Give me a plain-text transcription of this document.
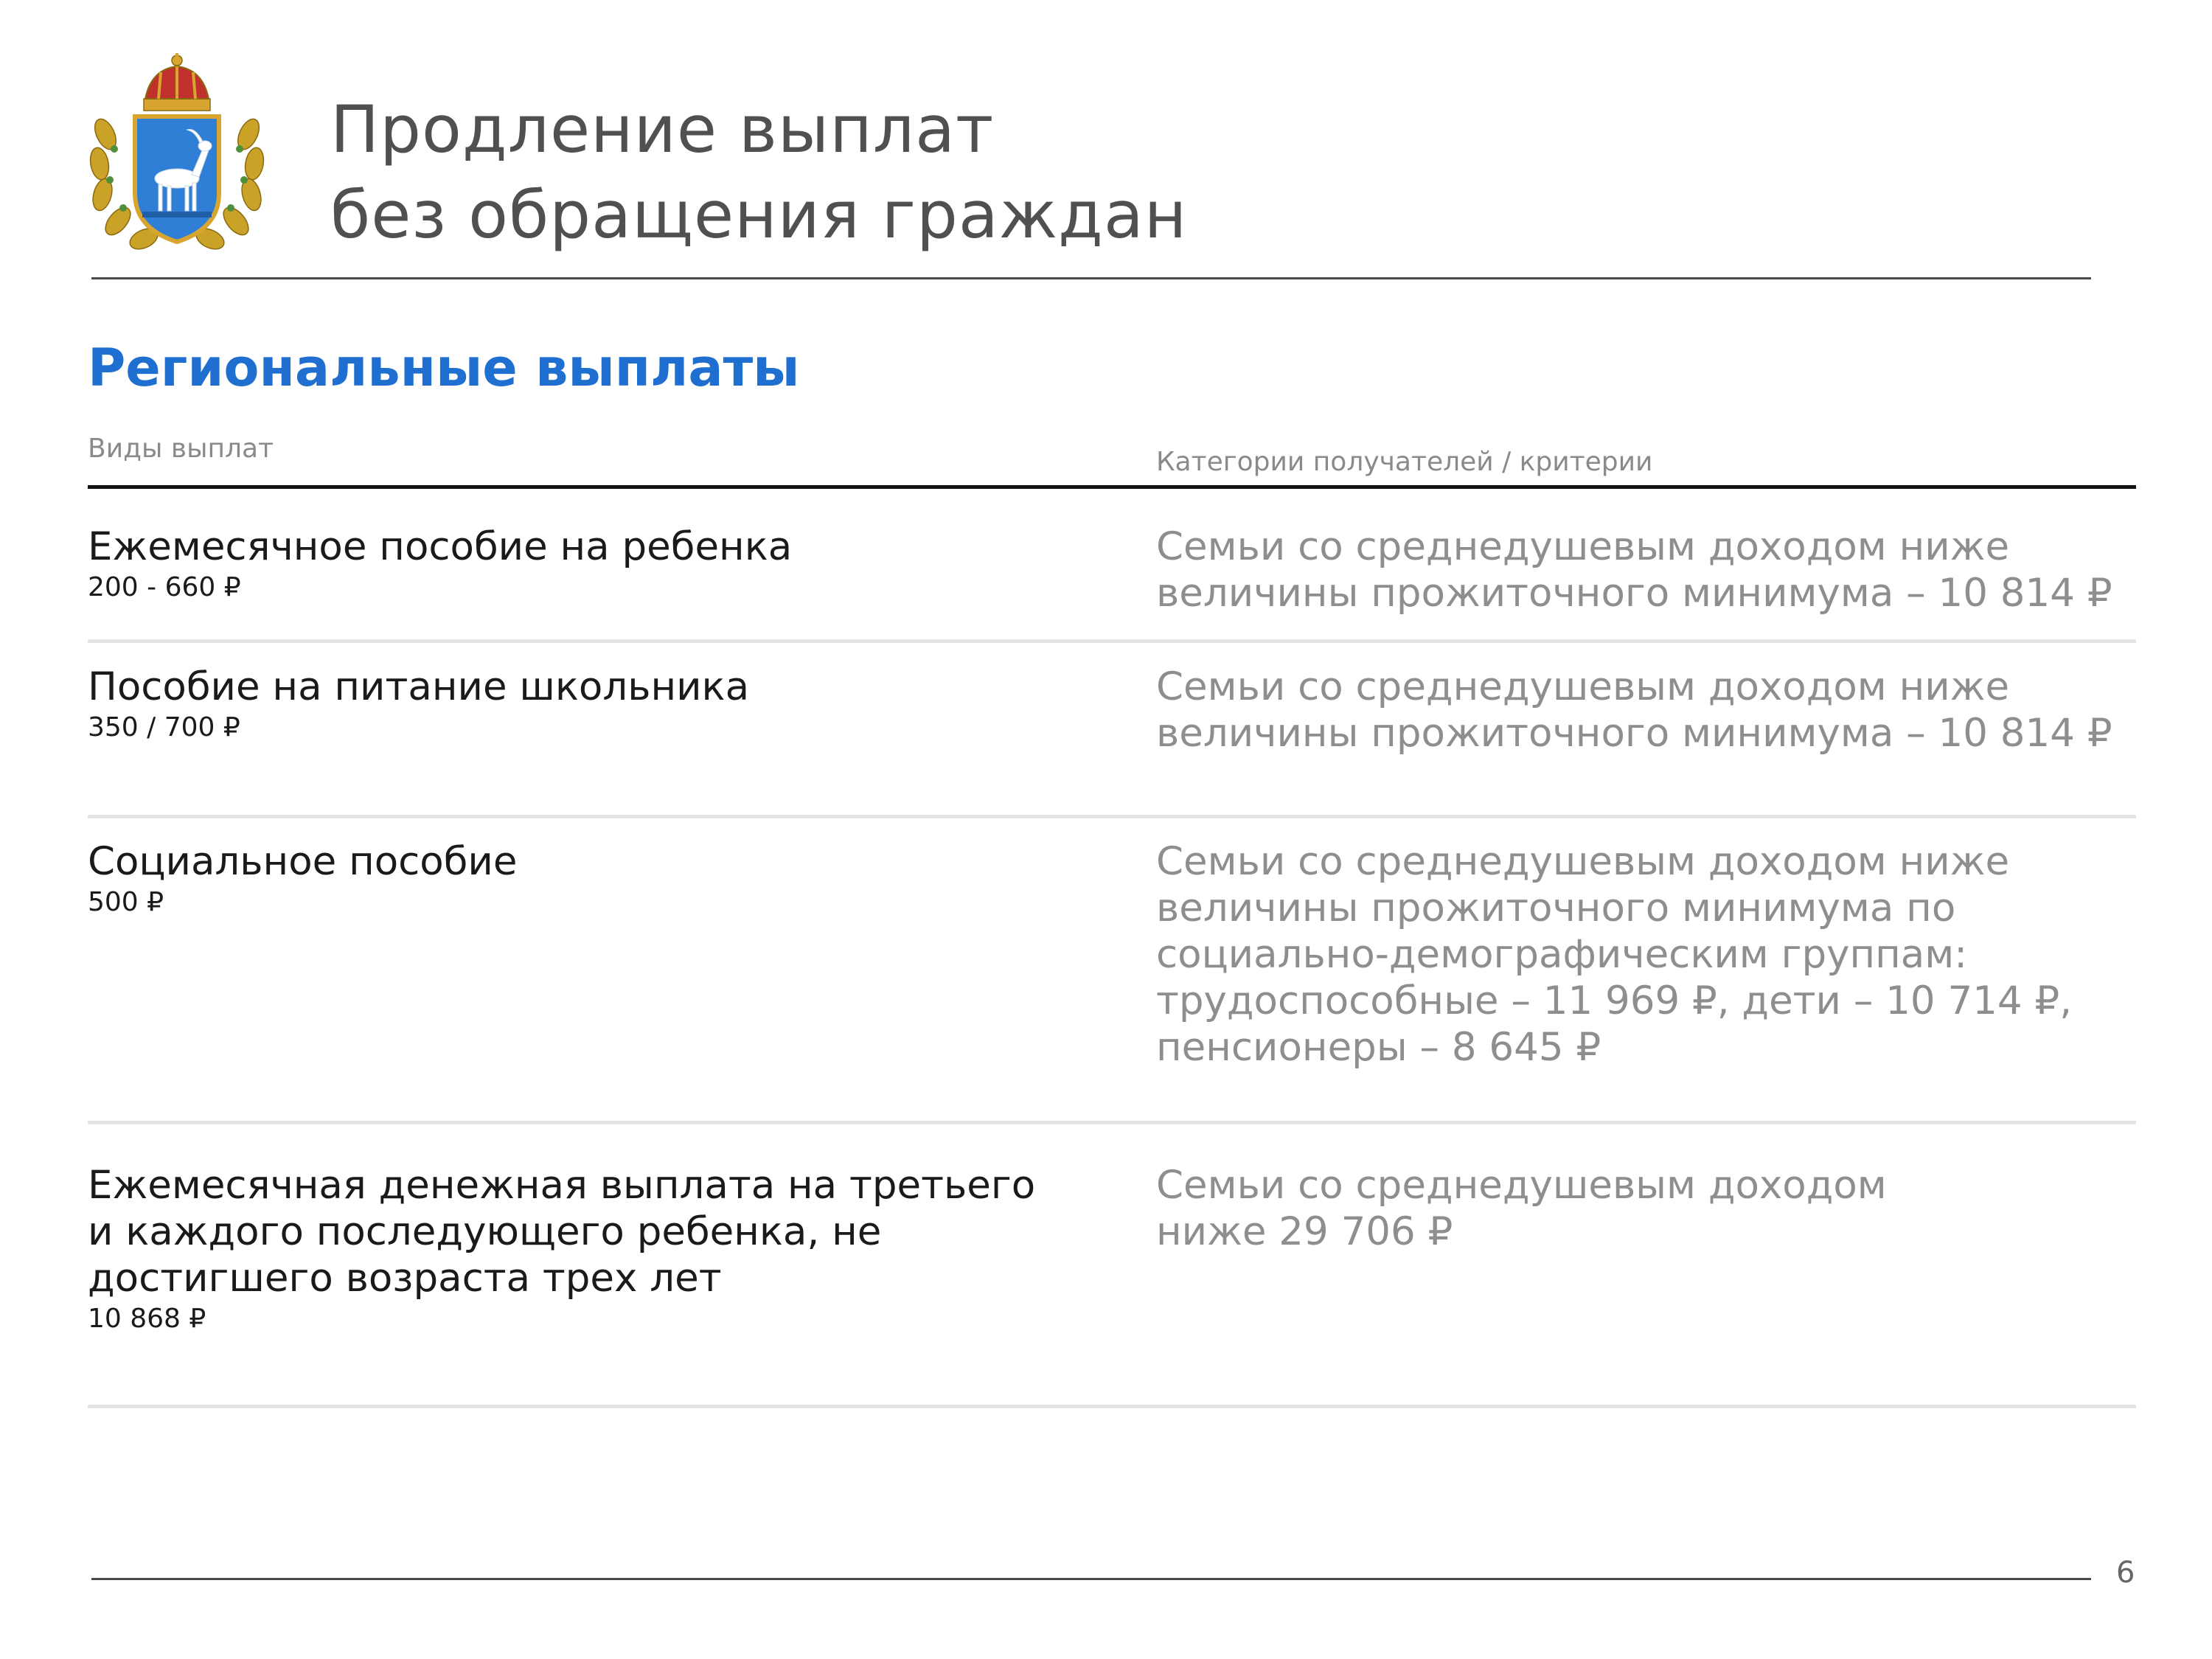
Продление выплат
без обращения граждан
Региональные выплаты
Виды выплат	Категории получателей / критерии
Ежемесячное пособие на ребенка
200 - 660 ₽
Семьи со среднедушевым доходом ниже
величины прожиточного минимума – 10 814 ₽
Пособие на питание школьника
350 / 700 ₽
Семьи со среднедушевым доходом ниже
величины прожиточного минимума – 10 814 ₽
Социальное пособие
500 ₽
Семьи со среднедушевым доходом ниже
величины прожиточного минимума по
социально-демографическим группам:
трудоспособные – 11 969 ₽, дети – 10 714 ₽,
пенсионеры – 8 645 ₽
Ежемесячная денежная выплата на третьего
и каждого последующего ребенка, не
достигшего возраста трех лет
10 868 ₽
Семьи со среднедушевым доходом
ниже 29 706 ₽
6
